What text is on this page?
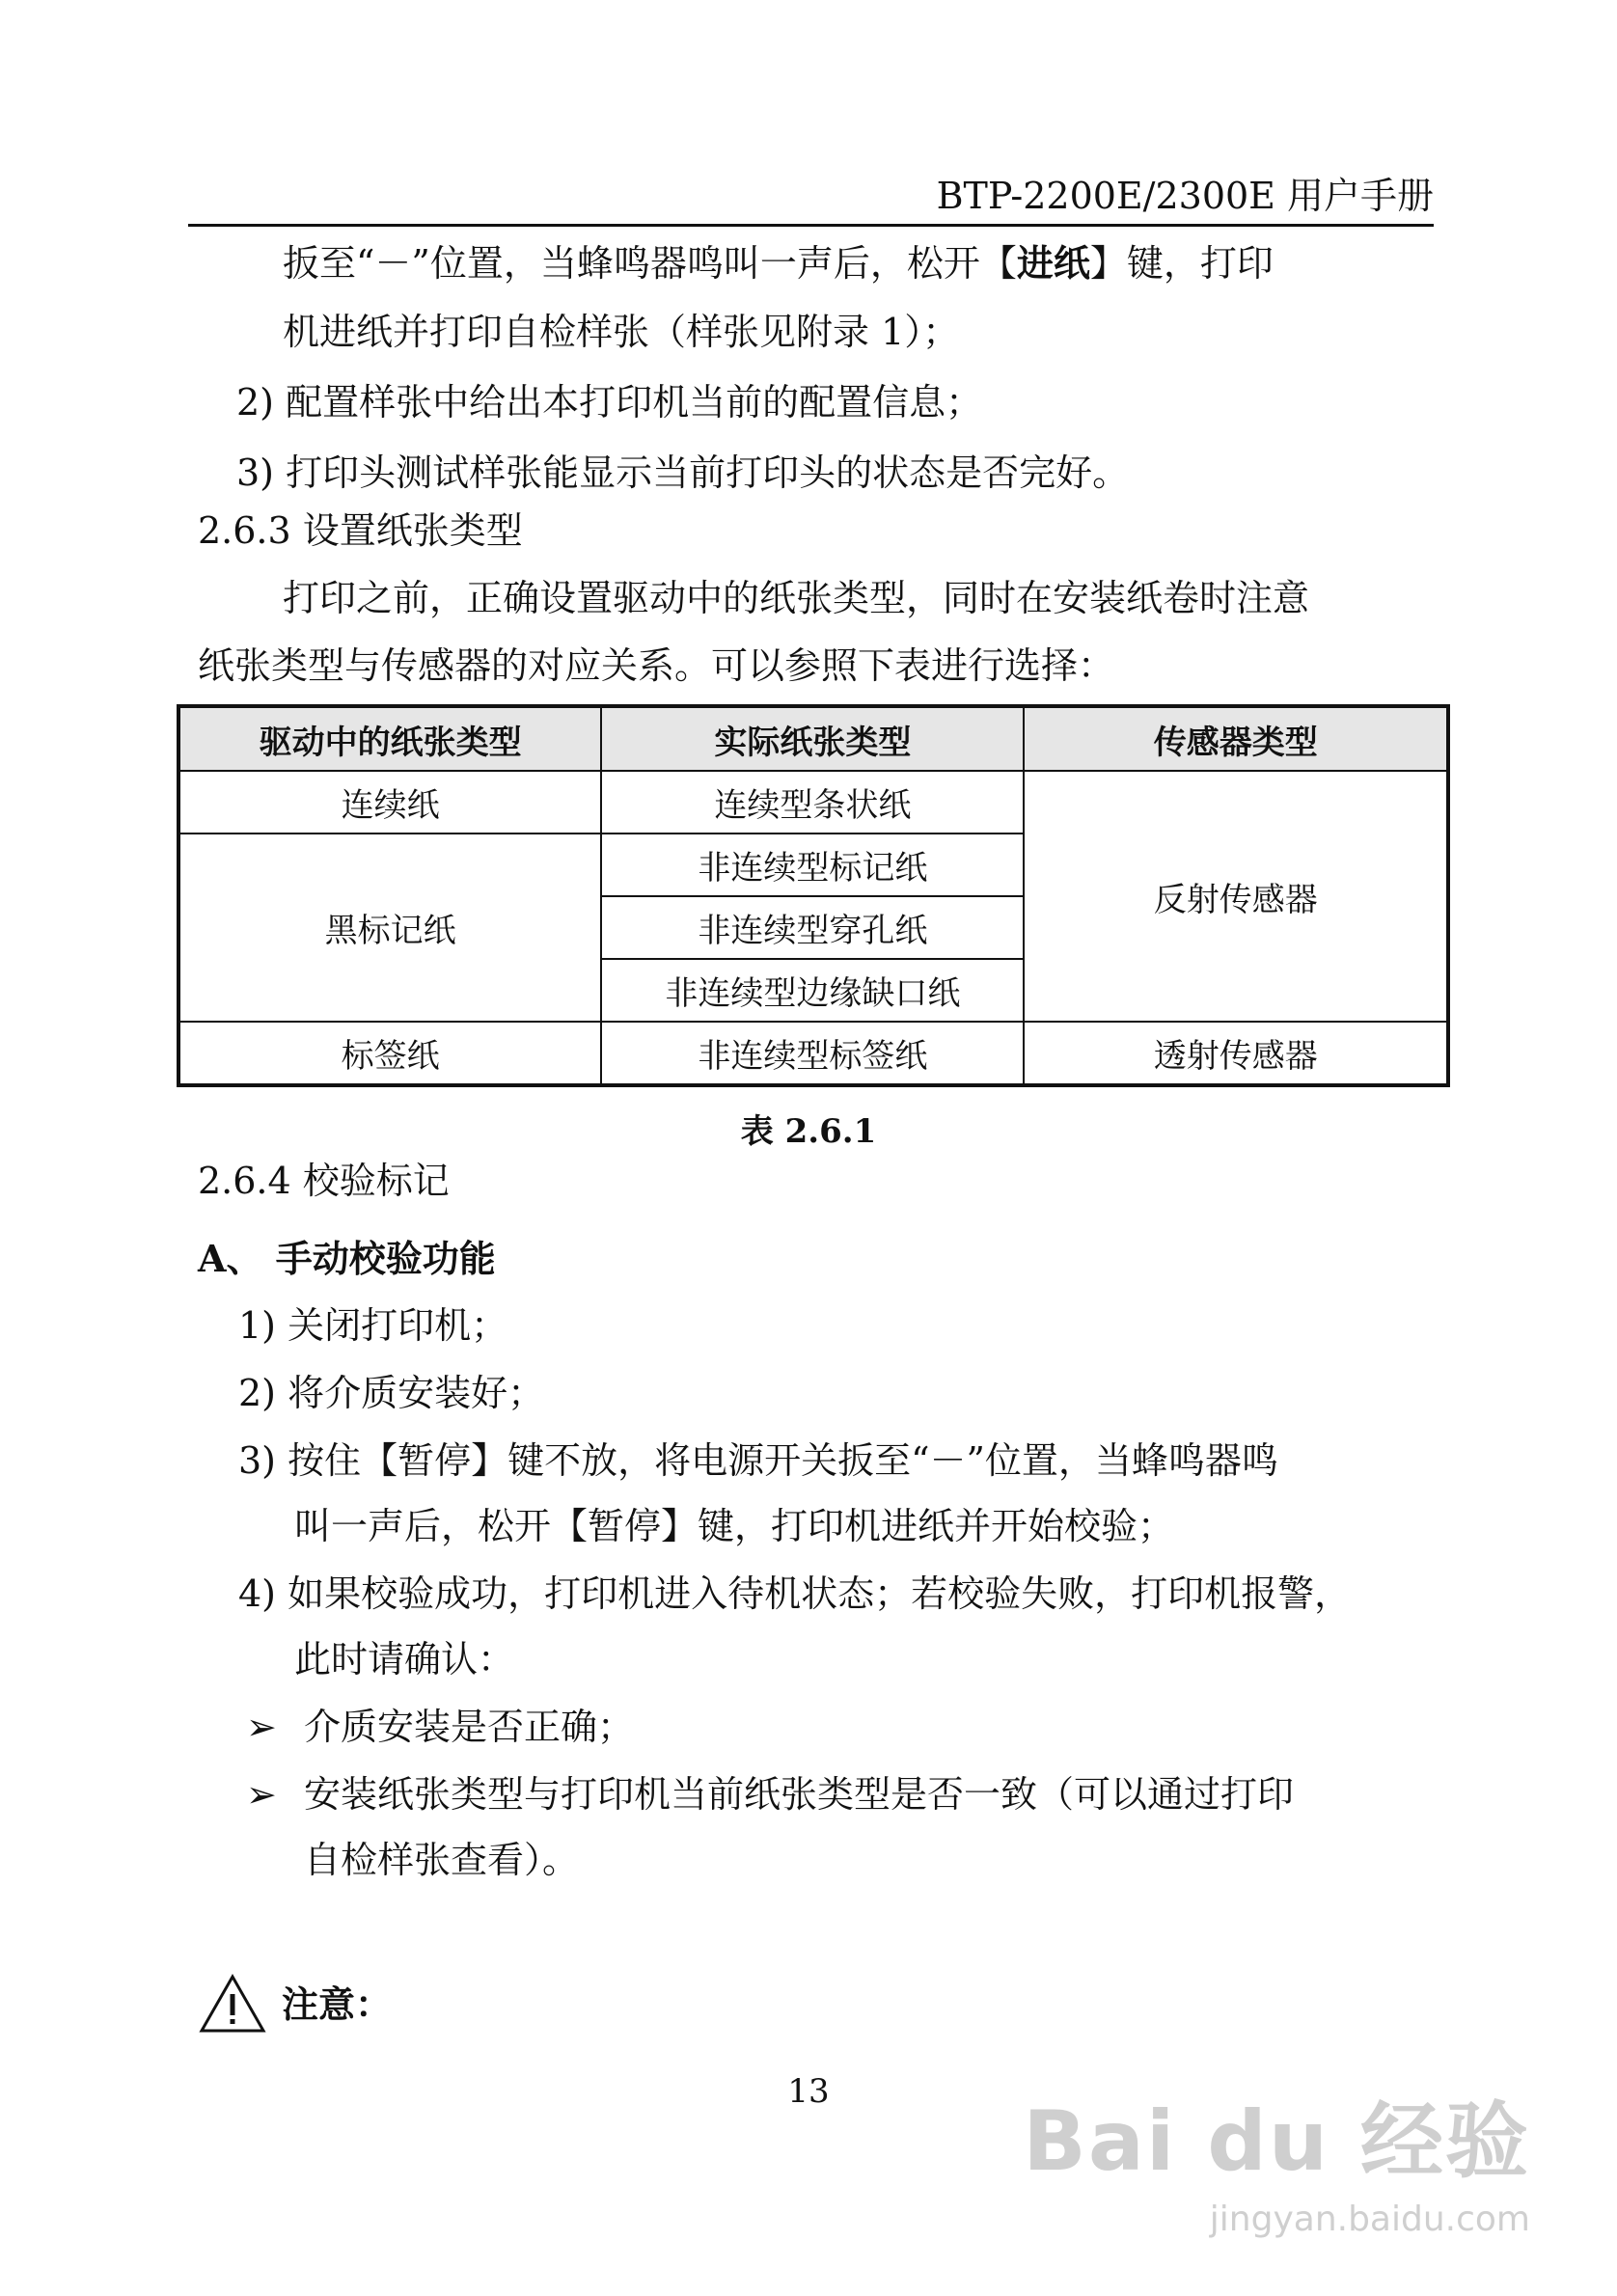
BTP-2200E/2300E 用户手册
扳至“－”位置，当蜂鸣器鸣叫一声后，松开【进纸】键，打印
机进纸并打印自检样张（样张见附录 1）；
2) 配置样张中给出本打印机当前的配置信息；
3) 打印头测试样张能显示当前打印头的状态是否完好。
2.6.3 设置纸张类型
打印之前，正确设置驱动中的纸张类型，同时在安装纸卷时注意
纸张类型与传感器的对应关系。可以参照下表进行选择：
驱动中的纸张类型	实际纸张类型	传感器类型
连续纸	连续型条状纸	反射传感器
黑标记纸	非连续型标记纸	
	非连续型穿孔纸	
	非连续型边缘缺口纸	
标签纸	非连续型标签纸	透射传感器
表 2.6.1
2.6.4 校验标记
A、 手动校验功能
1) 关闭打印机；
2) 将介质安装好；
3) 按住【暂停】键不放，将电源开关扳至“－”位置，当蜂鸣器鸣
叫一声后，松开【暂停】键，打印机进纸并开始校验；
4) 如果校验成功，打印机进入待机状态；若校验失败，打印机报警，
此时请确认：
➢ 介质安装是否正确；
➢ 安装纸张类型与打印机当前纸张类型是否一致（可以通过打印
自检样张查看）。
注意：
13
Bai du 经验
jingyan.baidu.com
